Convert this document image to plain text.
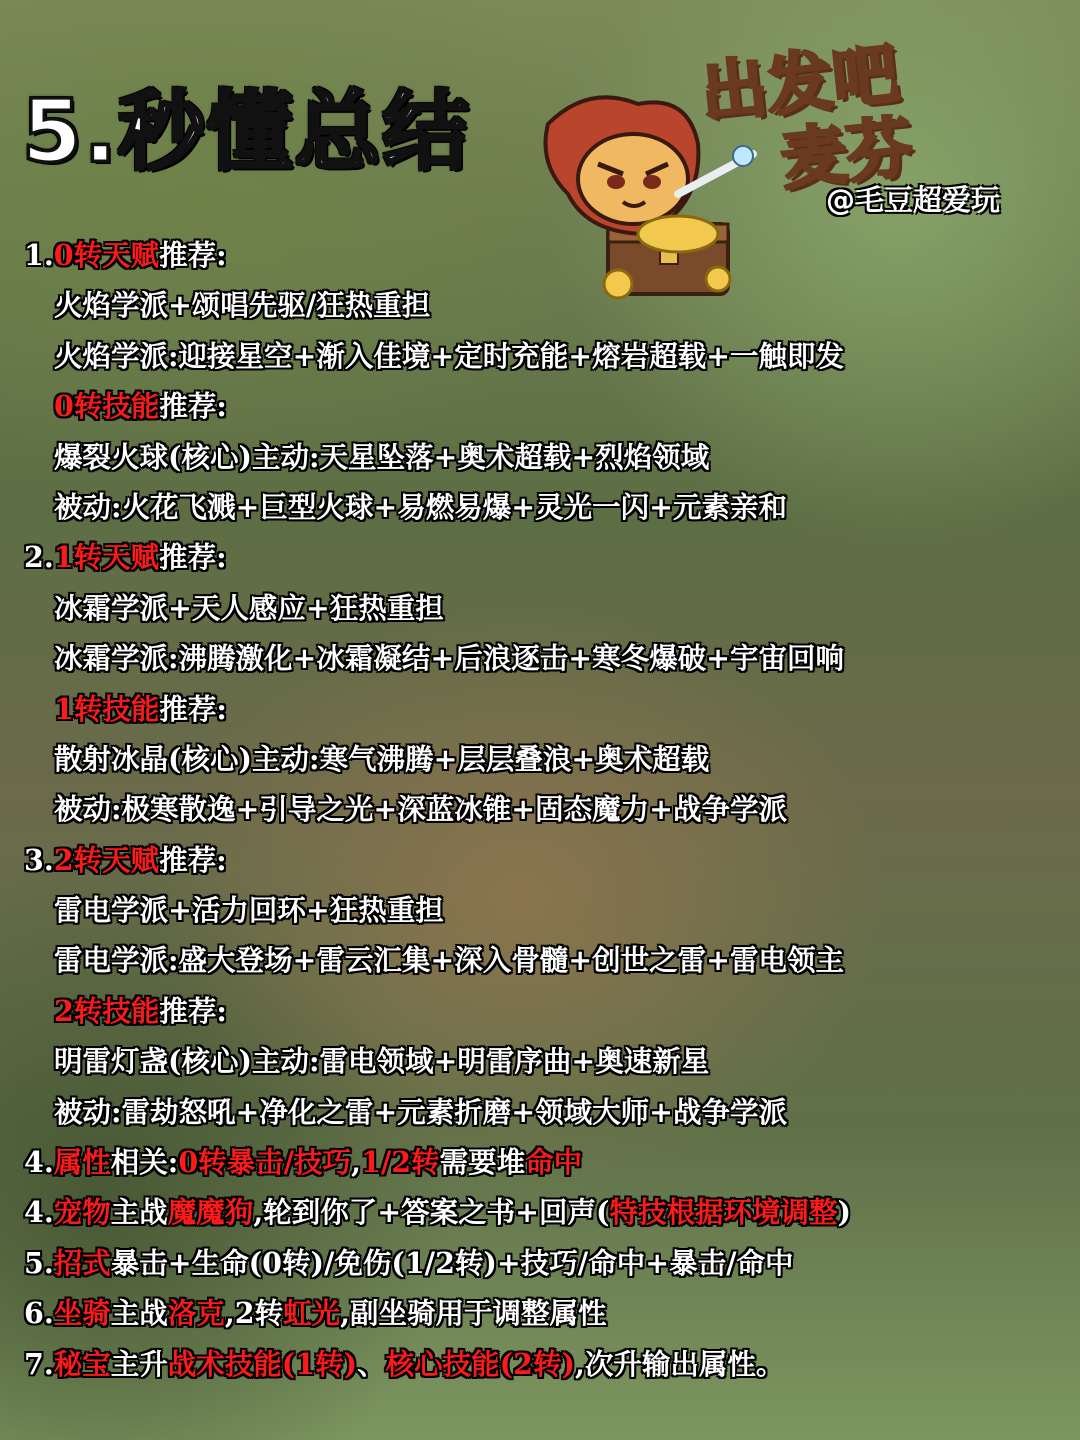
5.秒懂总结	出发吧
麦芬
@毛豆超爱玩
1.0转天赋推荐:
火焰学派+颂唱先驱/狂热重担
火焰学派:迎接星空+渐入佳境+定时充能+熔岩超载+一触即发
0转技能推荐:
爆裂火球(核心)主动:天星坠落+奥术超载+烈焰领域
被动:火花飞溅+巨型火球+易燃易爆+灵光一闪+元素亲和
2.1转天赋推荐:
冰霜学派+天人感应+狂热重担
冰霜学派:沸腾激化+冰霜凝结+后浪逐击+寒冬爆破+宇宙回响
1转技能推荐:
散射冰晶(核心)主动:寒气沸腾+层层叠浪+奥术超载
被动:极寒散逸+引导之光+深蓝冰锥+固态魔力+战争学派
3.2转天赋推荐:
雷电学派+活力回环+狂热重担
雷电学派:盛大登场+雷云汇集+深入骨髓+创世之雷+雷电领主
2转技能推荐:
明雷灯盏(核心)主动:雷电领域+明雷序曲+奥速新星
被动:雷劫怒吼+净化之雷+元素折磨+领域大师+战争学派
4.属性相关:0转暴击/技巧,1/2转需要堆命中
4.宠物主战魔魔狗,轮到你了+答案之书+回声(特技根据环境调整)
5.招式暴击+生命(0转)/免伤(1/2转)+技巧/命中+暴击/命中
6.坐骑主战洛克,2转虹光,副坐骑用于调整属性
7.秘宝主升战术技能(1转)、核心技能(2转),次升输出属性。
